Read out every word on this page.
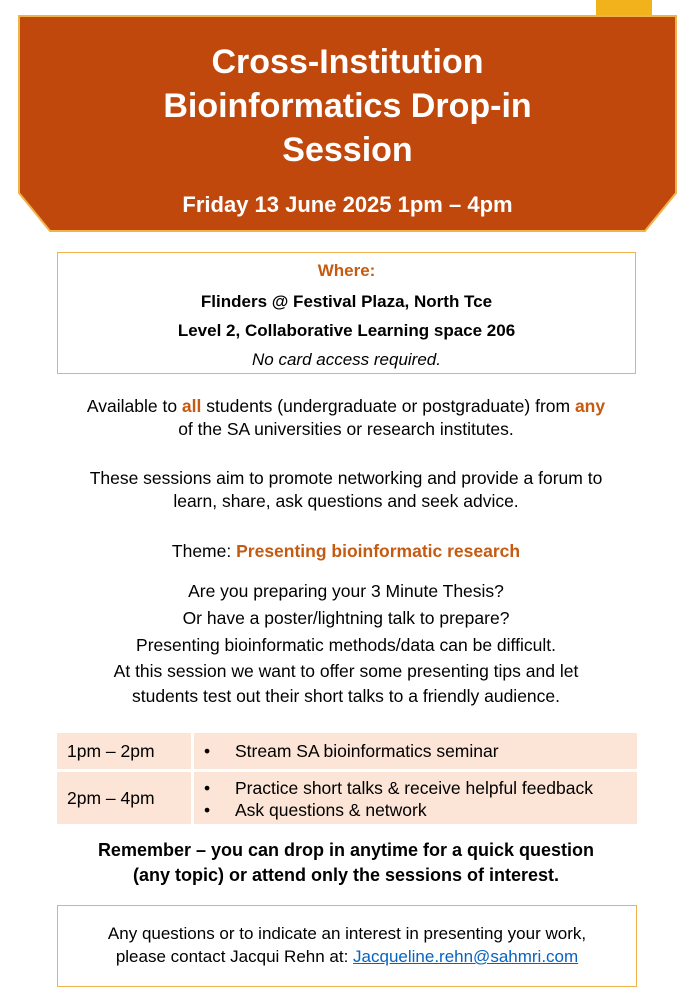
Cross-Institution
Bioinformatics Drop-in
Session
Friday 13 June 2025 1pm – 4pm
Where:
Flinders @ Festival Plaza, North Tce
Level 2, Collaborative Learning space 206
No card access required.
Available to all students (undergraduate or postgraduate) from any
of the SA universities or research institutes.
These sessions aim to promote networking and provide a forum to
learn, share, ask questions and seek advice.
Theme: Presenting bioinformatic research
Are you preparing your 3 Minute Thesis?
Or have a poster/lightning talk to prepare?
Presenting bioinformatic methods/data can be difficult.
At this session we want to offer some presenting tips and let
students test out their short talks to a friendly audience.
1pm – 2pm	•	Stream SA bioinformatics seminar
2pm – 4pm	•	Practice short talks & receive helpful feedback
•	Ask questions & network
Remember – you can drop in anytime for a quick question
(any topic) or attend only the sessions of interest.
Any questions or to indicate an interest in presenting your work,
please contact Jacqui Rehn at: Jacqueline.rehn@sahmri.com
